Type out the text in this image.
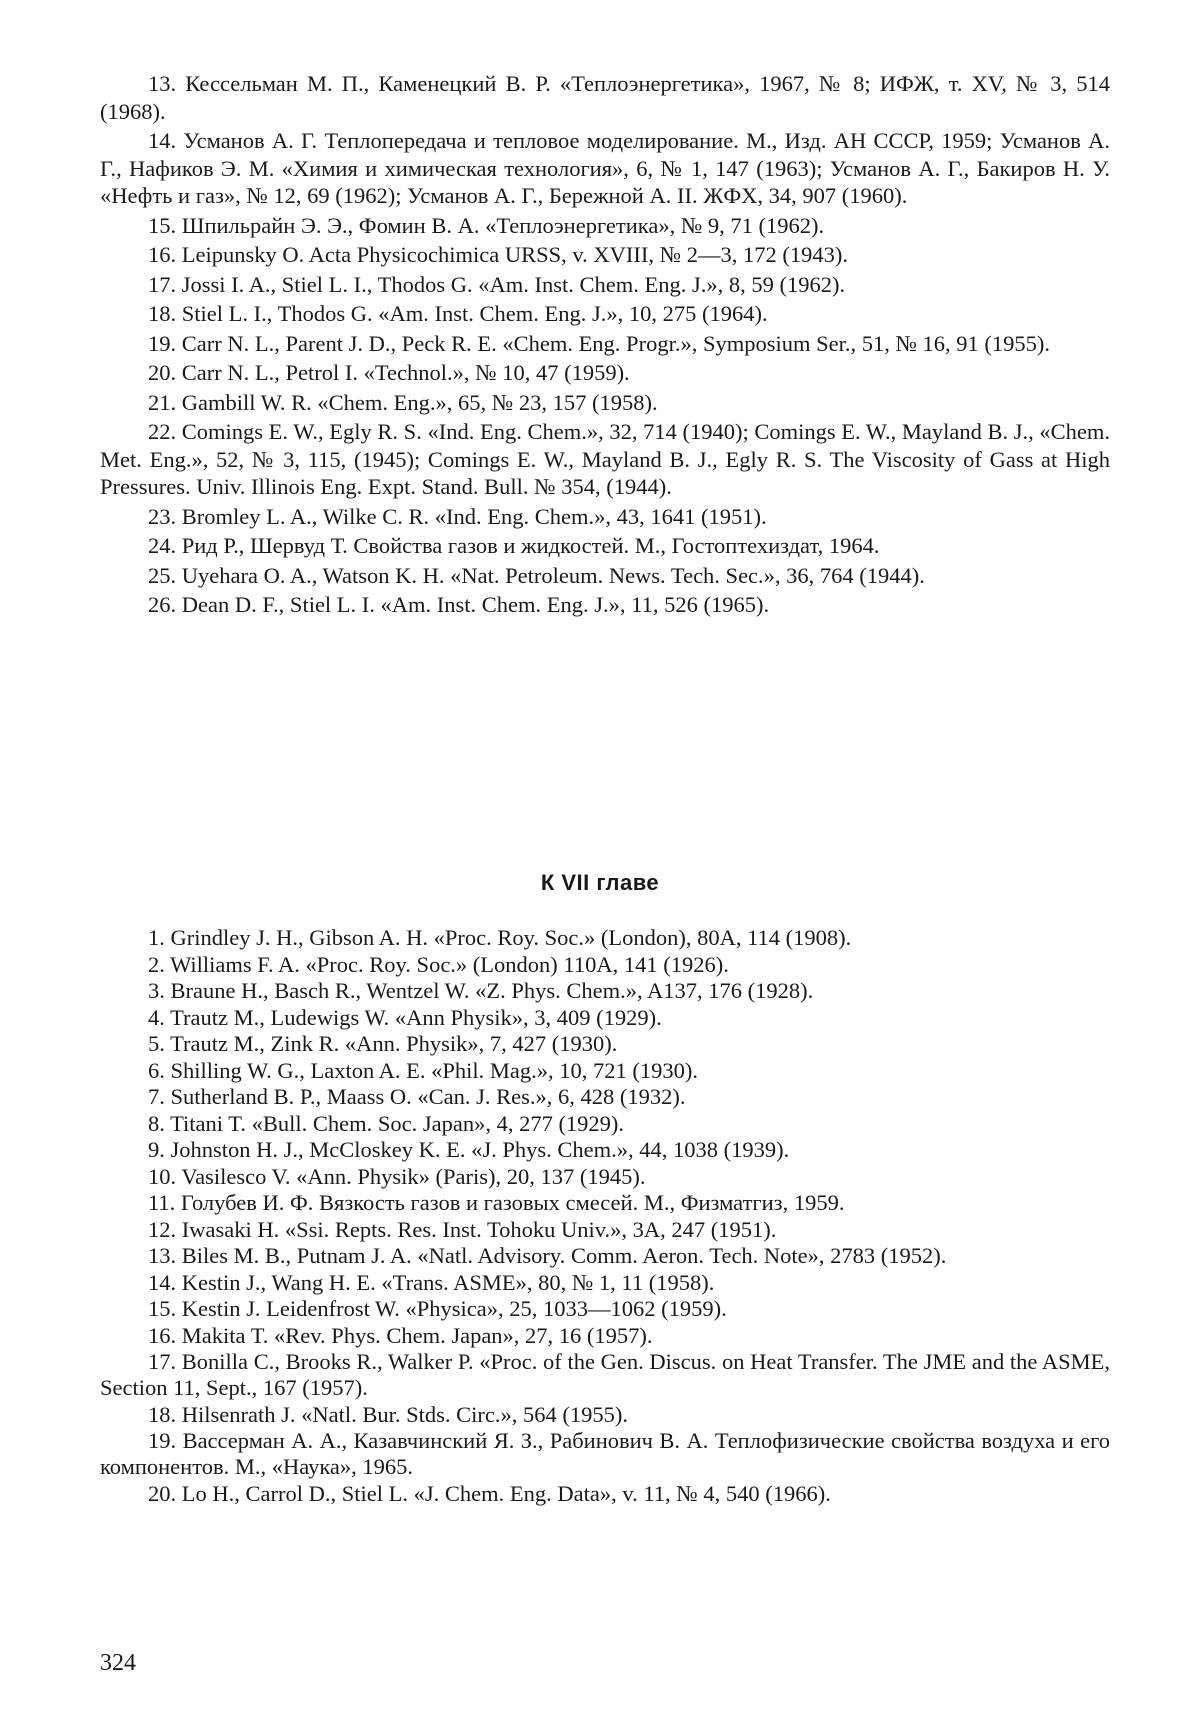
13. Кессельман М. П., Каменецкий В. Р. «Теплоэнергетика», 1967, № 8; ИФЖ, т. XV, № 3, 514 (1968).

14. Усманов А. Г. Теплопередача и тепловое моделирование. М., Изд. АН СССР, 1959; Усманов А. Г., Нафиков Э. М. «Химия и химическая технология», 6, № 1, 147 (1963); Усманов А. Г., Бакиров Н. У. «Нефть и газ», № 12, 69 (1962); Усманов А. Г., Бережной А. II. ЖФХ, 34, 907 (1960).

15. Шпильрайн Э. Э., Фомин В. А. «Теплоэнергетика», № 9, 71 (1962).

16. Leipunsky O. Acta Physicochimica URSS, v. XVIII, № 2—3, 172 (1943).

17. Jossi I. A., Stiel L. I., Thodos G. «Am. Inst. Chem. Eng. J.», 8, 59 (1962).

18. Stiel L. I., Thodos G. «Am. Inst. Chem. Eng. J.», 10, 275 (1964).

19. Carr N. L., Parent J. D., Peck R. E. «Chem. Eng. Progr.», Symposium Ser., 51, № 16, 91 (1955).

20. Carr N. L., Petrol I. «Technol.», № 10, 47 (1959).

21. Gambill W. R. «Chem. Eng.», 65, № 23, 157 (1958).

22. Comings E. W., Egly R. S. «Ind. Eng. Chem.», 32, 714 (1940); Comings E. W., Mayland B. J., «Chem. Met. Eng.», 52, № 3, 115, (1945); Comings E. W., Mayland B. J., Egly R. S. The Viscosity of Gass at High Pressures. Univ. Illinois Eng. Expt. Stand. Bull. № 354, (1944).

23. Bromley L. A., Wilke C. R. «Ind. Eng. Chem.», 43, 1641 (1951).

24. Рид Р., Шервуд Т. Свойства газов и жидкостей. М., Гостоптехиздат, 1964.

25. Uyehara O. A., Watson K. H. «Nat. Petroleum. News. Tech. Sec.», 36, 764 (1944).

26. Dean D. F., Stiel L. I. «Am. Inst. Chem. Eng. J.», 11, 526 (1965).

К VII главе

1. Grindley J. H., Gibson A. H. «Proc. Roy. Soc.» (London), 80A, 114 (1908).

2. Williams F. A. «Proc. Roy. Soc.» (London) 110A, 141 (1926).

3. Braune H., Basch R., Wentzel W. «Z. Phys. Chem.», A137, 176 (1928).

4. Trautz M., Ludewigs W. «Ann Physik», 3, 409 (1929).

5. Trautz M., Zink R. «Ann. Physik», 7, 427 (1930).

6. Shilling W. G., Laxton A. E. «Phil. Mag.», 10, 721 (1930).

7. Sutherland B. P., Maass O. «Can. J. Res.», 6, 428 (1932).

8. Titani T. «Bull. Chem. Soc. Japan», 4, 277 (1929).

9. Johnston H. J., McCloskey K. E. «J. Phys. Chem.», 44, 1038 (1939).

10. Vasilesco V. «Ann. Physik» (Paris), 20, 137 (1945).

11. Голубев И. Ф. Вязкость газов и газовых смесей. М., Физматгиз, 1959.

12. Iwasaki H. «Ssi. Repts. Res. Inst. Tohoku Univ.», 3A, 247 (1951).

13. Biles M. B., Putnam J. A. «Natl. Advisory. Comm. Aeron. Tech. Note», 2783 (1952).

14. Kestin J., Wang H. E. «Trans. ASME», 80, № 1, 11 (1958).

15. Kestin J. Leidenfrost W. «Physica», 25, 1033—1062 (1959).

16. Makita T. «Rev. Phys. Chem. Japan», 27, 16 (1957).

17. Bonilla C., Brooks R., Walker P. «Proc. of the Gen. Discus. on Heat Transfer. The JME and the ASME, Section 11, Sept., 167 (1957).

18. Hilsenrath J. «Natl. Bur. Stds. Circ.», 564 (1955).

19. Вассерман А. А., Казавчинский Я. З., Рабинович В. А. Теплофизические свойства воздуха и его компонентов. М., «Наука», 1965.

20. Lo H., Carrol D., Stiel L. «J. Chem. Eng. Data», v. 11, № 4, 540 (1966).

324
